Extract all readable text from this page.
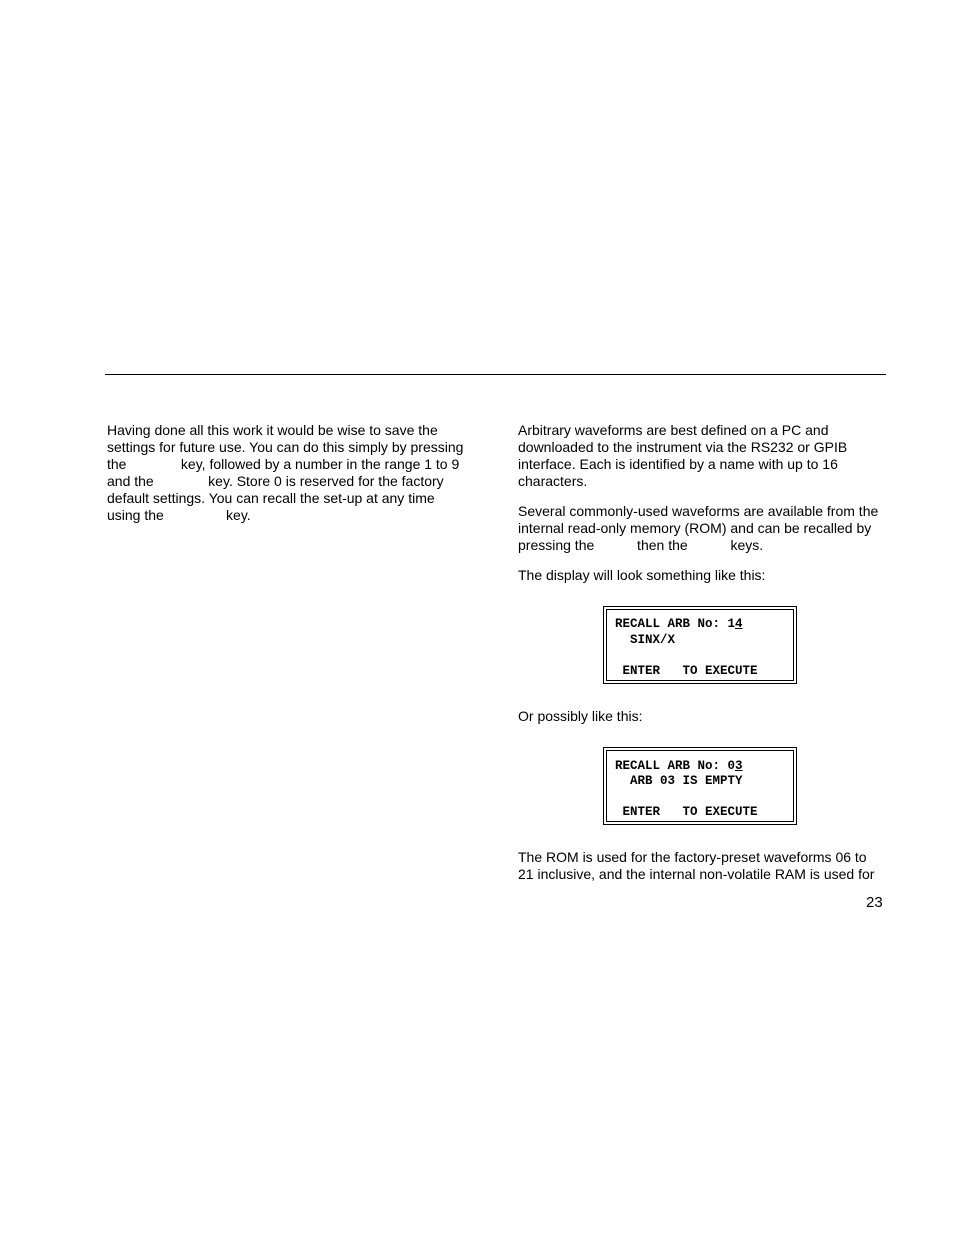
Having done all this work it would be wise to save the
settings for future use. You can do this simply by pressing
the              key, followed by a number in the range 1 to 9
and the              key. Store 0 is reserved for the factory
default settings. You can recall the set-up at any time
using the                key.
Arbitrary waveforms are best defined on a PC and
downloaded to the instrument via the RS232 or GPIB
interface. Each is identified by a name with up to 16
characters.
Several commonly-used waveforms are available from the
internal read-only memory (ROM) and can be recalled by
pressing the           then the           keys.
The display will look something like this:
RECALL ARB No: 14
SINX/X
ENTER   TO EXECUTE
Or possibly like this:
RECALL ARB No: 03
ARB 03 IS EMPTY
ENTER   TO EXECUTE
The ROM is used for the factory-preset waveforms 06 to
21 inclusive, and the internal non-volatile RAM is used for
23
